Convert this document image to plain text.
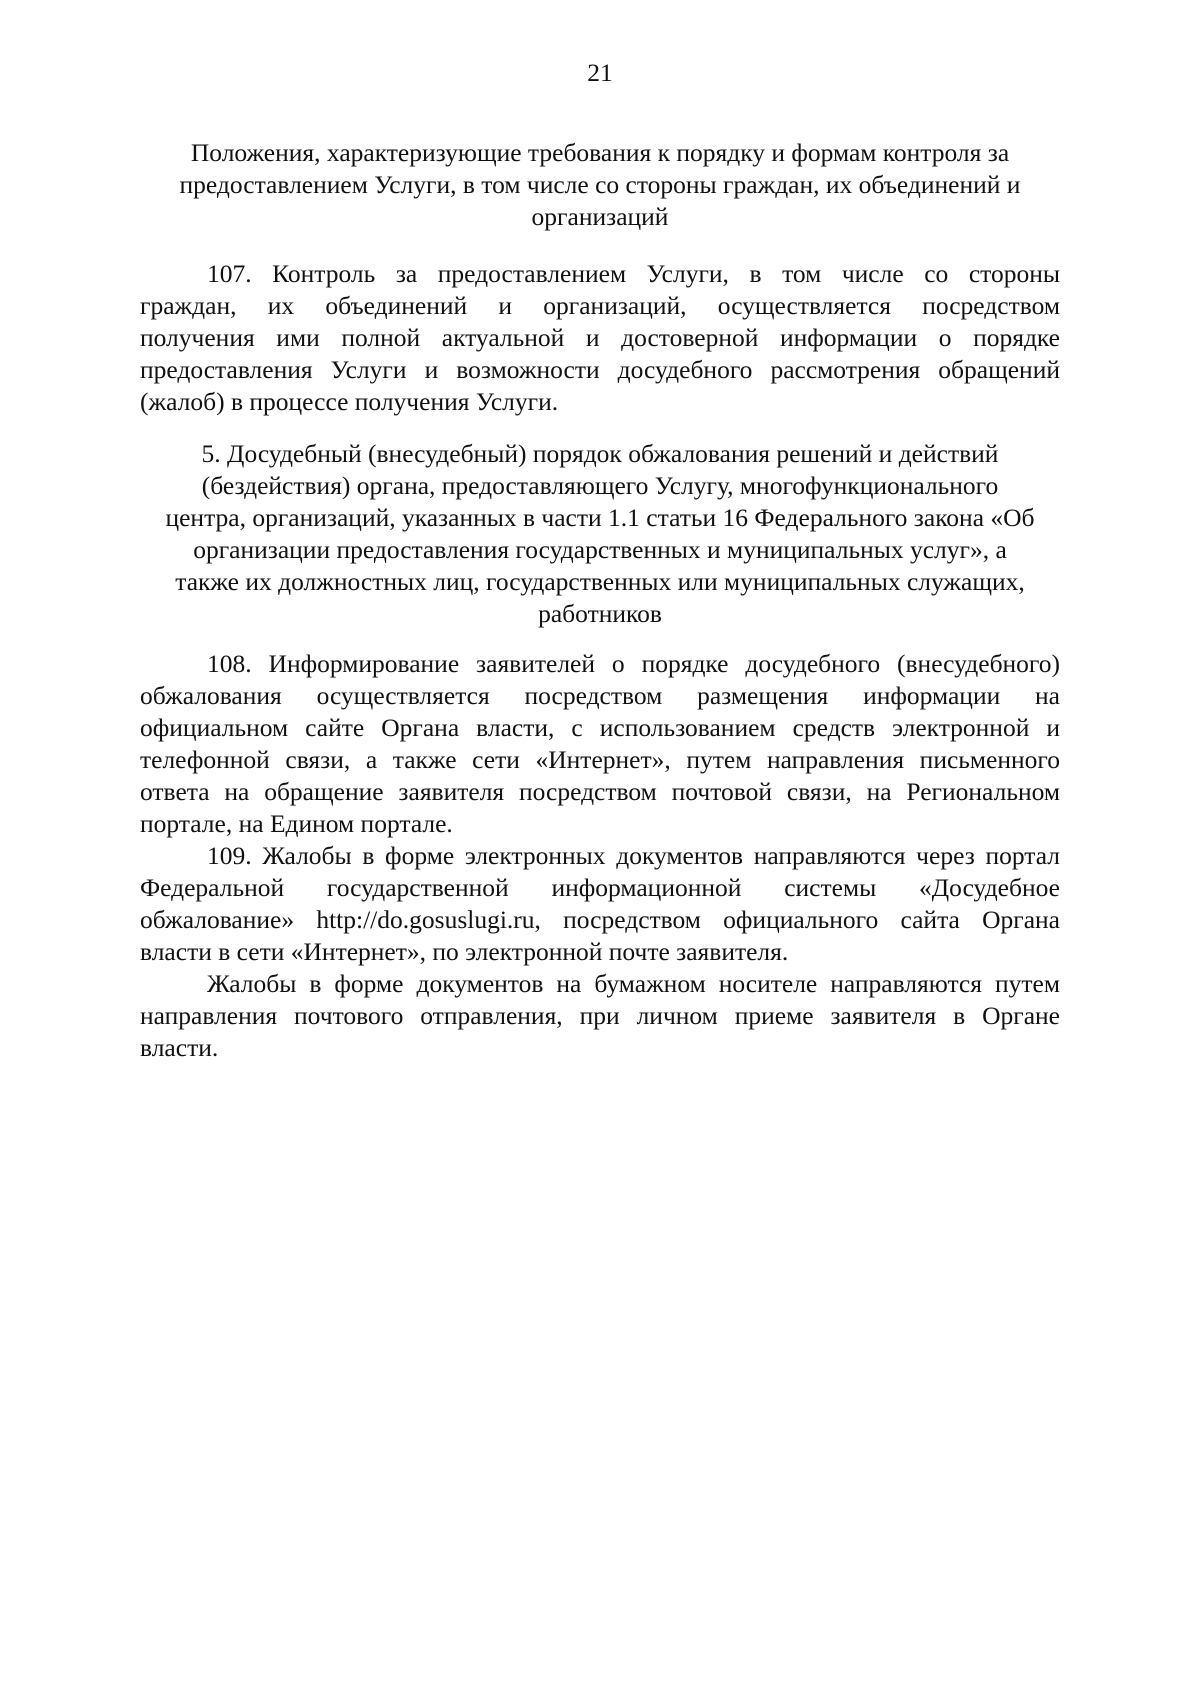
21
Положения, характеризующие требования к порядку и формам контроля за
предоставлением Услуги, в том числе со стороны граждан, их объединений и
организаций
107. Контроль за предоставлением Услуги, в том числе со стороны
граждан, их объединений и организаций, осуществляется посредством
получения ими полной актуальной и достоверной информации о порядке
предоставления Услуги и возможности досудебного рассмотрения обращений
(жалоб) в процессе получения Услуги.
5. Досудебный (внесудебный) порядок обжалования решений и действий
(бездействия) органа, предоставляющего Услугу, многофункционального
центра, организаций, указанных в части 1.1 статьи 16 Федерального закона «Об
организации предоставления государственных и муниципальных услуг», а
также их должностных лиц, государственных или муниципальных служащих,
работников
108. Информирование заявителей о порядке досудебного (внесудебного)
обжалования осуществляется посредством размещения информации на
официальном сайте Органа власти, с использованием средств электронной и
телефонной связи, а также сети «Интернет», путем направления письменного
ответа на обращение заявителя посредством почтовой связи, на Региональном
портале, на Едином портале.
109. Жалобы в форме электронных документов направляются через портал
Федеральной государственной информационной системы «Досудебное
обжалование» http://do.gosuslugi.ru, посредством официального сайта Органа
власти в сети «Интернет», по электронной почте заявителя.
Жалобы в форме документов на бумажном носителе направляются путем
направления почтового отправления, при личном приеме заявителя в Органе
власти.
